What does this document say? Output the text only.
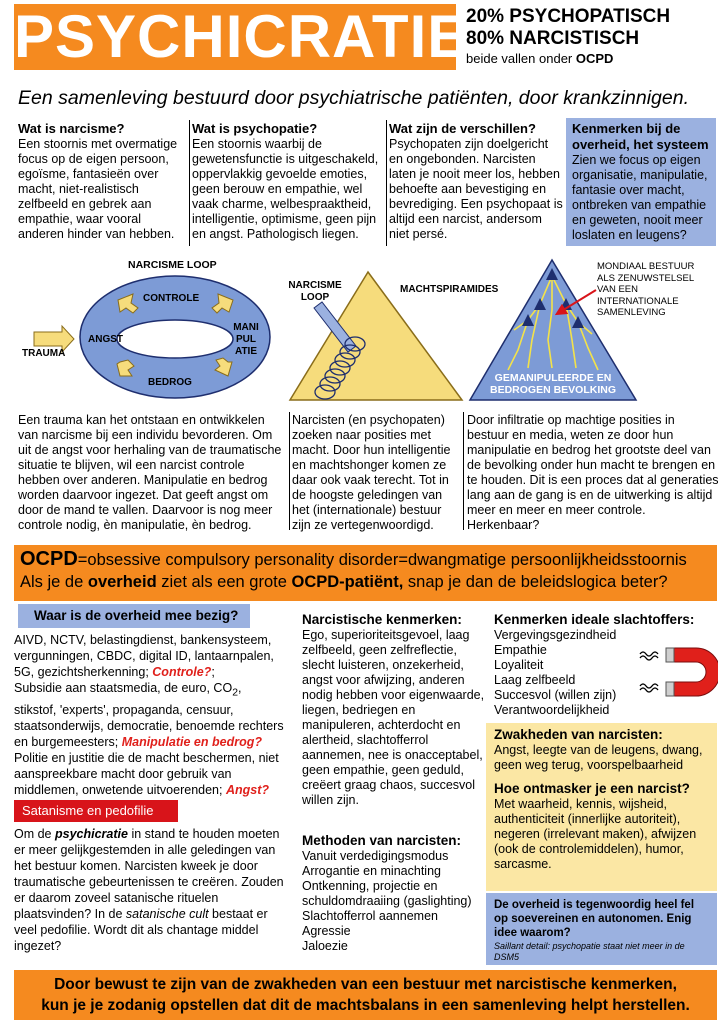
PSYCHICRATIE
20% PSYCHOPATISCH
80% NARCISTISCH
beide vallen onder OCPD
Een samenleving bestuurd door psychiatrische patiënten, door krankzinnigen.
Wat is narcisme?

Een stoornis met overmatige focus op de eigen persoon, egoïsme, fantasieën over macht, niet-realistisch zelfbeeld en gebrek aan empathie, waar vooral anderen hinder van hebben.

Wat is psychopatie?

Een stoornis waarbij de gewetensfunctie is uitgeschakeld, oppervlakkig gevoelde emoties, geen berouw en empathie, wel vaak charme, welbespraaktheid, intelligentie, optimisme, geen pijn en angst. Pathologisch liegen.

Wat zijn de verschillen?

Psychopaten zijn doelgericht en ongebonden. Narcisten laten je nooit meer los, hebben behoefte aan bevestiging en bevrediging. Een psychopaat is altijd een narcist, andersom niet persé.

Kenmerken bij de overheid, het systeem

Zien we focus op eigen organisatie, manipulatie, fantasie over macht, ontbreken van empathie en geweten, nooit meer loslaten en leugens?

NARCISME LOOP
CONTROLE
ANGST
MANI
PUL
ATIE
BEDROG
TRAUMA
NARCISME
LOOP
MACHTSPIRAMIDES
MONDIAAL BESTUUR
ALS ZENUWSTELSEL
VAN EEN
INTERNATIONALE
SAMENLEVING
GEMANIPULEERDE EN
BEDROGEN BEVOLKING
Een trauma kan het ontstaan en ontwikkelen van narcisme bij een individu bevorderen. Om uit de angst voor herhaling van de traumatische situatie te blijven, wil een narcist controle hebben over anderen. Manipulatie en bedrog worden daarvoor ingezet. Dat geeft angst om door de mand te vallen. Daarvoor is nog meer controle nodig, èn manipulatie, èn bedrog.
Narcisten (en psychopaten) zoeken naar posities met macht. Door hun intelligentie en machtshonger komen ze daar ook vaak terecht. Tot in de hoogste geledingen van het (internationale) bestuur zijn ze vertegenwoordigd.
Door infiltratie op machtige posities in bestuur en media, weten ze door hun manipulatie en bedrog het grootste deel van de bevolking onder hun macht te brengen en te houden. Dit is een proces dat al generaties lang aan de gang is en de uitwerking is altijd meer en meer en meer controle. Herkenbaar?
OCPD=obsessive compulsory personality disorder=dwangmatige persoonlijkheidsstoornis
Als je de overheid ziet als een grote OCPD-patiënt, snap je dan de beleidslogica beter?
Waar is de overheid mee bezig?
AIVD, NCTV, belastingdienst, bankensysteem, vergunningen, CBDC, digital ID, lantaarnpalen, 5G, gezichtsherkenning; Controle?;
Subsidie aan staatsmedia, de euro, $CO_2$, stikstof, 'experts', propaganda, censuur, staatsonderwijs, democratie, benoemde rechters en burgemeesters; Manipulatie en bedrog?
Politie en justitie die de macht beschermen, niet aanspreekbare macht door gebruik van middlemen, onwetende uitvoerenden; Angst?
Satanisme en pedofilie
Om de psychicratie in stand te houden moeten er meer gelijkgestemden in alle geledingen van het bestuur komen. Narcisten kweek je door traumatische gebeurtenissen te creëren. Zouden er daarom zoveel satanische rituelen plaatsvinden? In de satanische cult bestaat er veel pedofilie. Wordt dit als chantage middel ingezet?
Narcistische kenmerken:

Ego, superioriteitsgevoel, laag zelfbeeld, geen zelfreflectie, slecht luisteren, onzekerheid, angst voor afwijzing, anderen nodig hebben voor eigenwaarde, liegen, bedriegen en manipuleren, achterdocht en alertheid, slachtofferrol aannemen, nee is onacceptabel, geen empathie, geen geduld, creëert graag chaos, succesvol willen zijn.

Methoden van narcisten:
Vanuit verdedigingsmodus
Arrogantie en minachting
Ontkenning, projectie en
schuldomdraaiing (gaslighting)
Slachtofferrol aannemen
Agressie
Jaloezie
Kenmerken ideale slachtoffers:
Vergevingsgezindheid
Empathie
Loyaliteit
Laag zelfbeeld
Succesvol (willen zijn)
Verantwoordelijkheid
Zwakheden van narcisten:

Angst, leegte van de leugens, dwang, geen weg terug, voorspelbaarheid

Hoe ontmasker je een narcist?

Met waarheid, kennis, wijsheid, authenticiteit (innerlijke autoriteit), negeren (irrelevant maken), afwijzen (ook de controlemiddelen), humor, sarcasme.

De overheid is tegenwoordig heel fel op soevereinen en autonomen. Enig idee waarom?
Saillant detail: psychopatie staat niet meer in de DSM5
Door bewust te zijn van de zwakheden van een bestuur met narcistische kenmerken,
kun je je zodanig opstellen dat dit de machtsbalans in een samenleving helpt herstellen.
